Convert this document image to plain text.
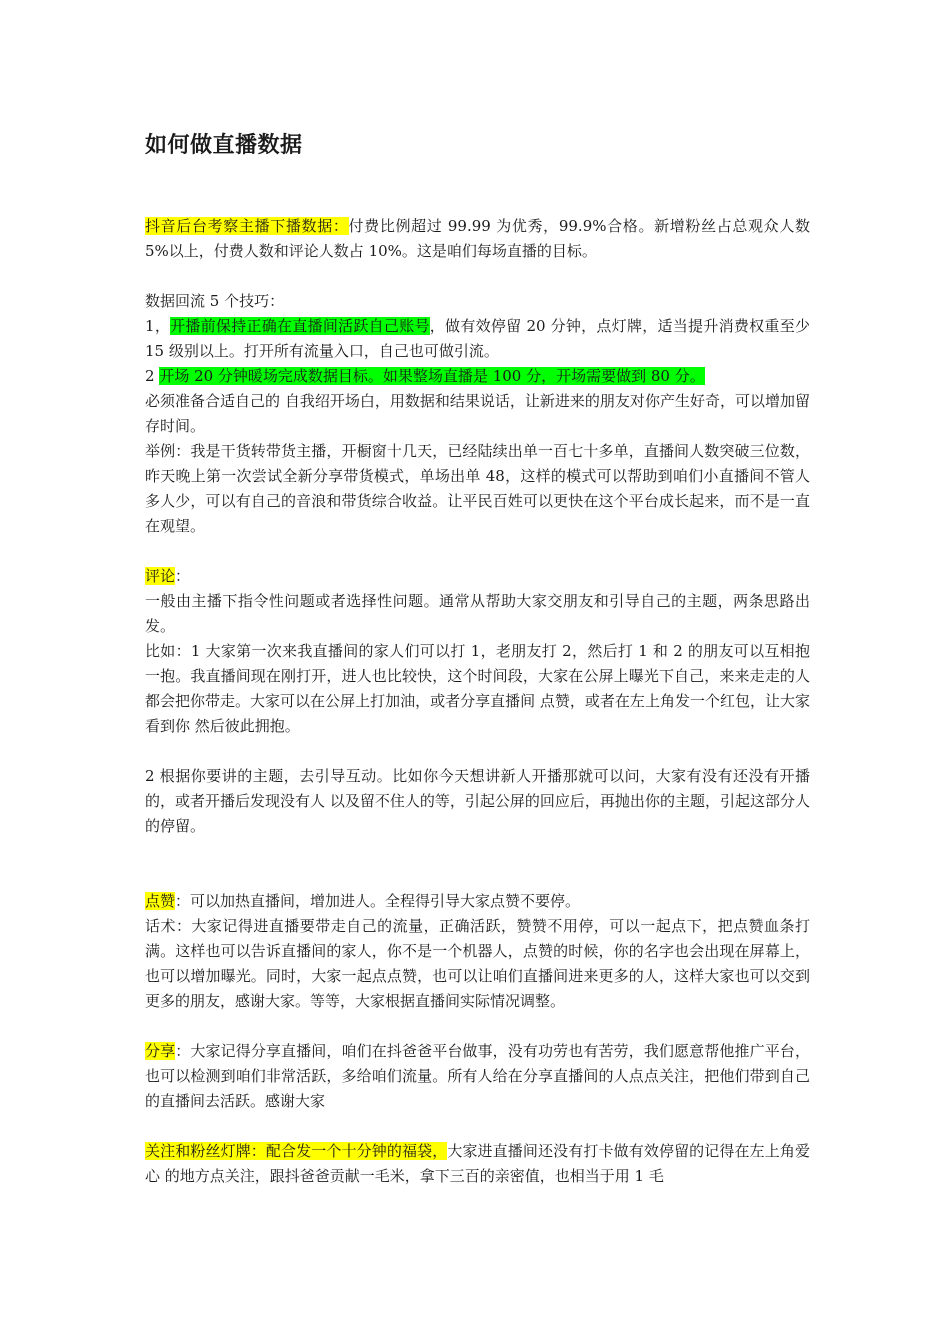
如何做直播数据

抖音后台考察主播下播数据：付费比例超过 99.99 为优秀，99.9%合格。新增粉丝占总观众人数 5%以上，付费人数和评论人数占 10%。这是咱们每场直播的目标。

数据回流 5 个技巧：

1，开播前保持正确在直播间活跃自己账号，做有效停留 20 分钟，点灯牌，适当提升消费权重至少 15 级别以上。打开所有流量入口，自己也可做引流。

2 开场 20 分钟暖场完成数据目标。如果整场直播是 100 分，开场需要做到 80 分。

必须准备合适自己的 自我绍开场白，用数据和结果说话，让新进来的朋友对你产生好奇，可以增加留存时间。

举例：我是干货转带货主播，开橱窗十几天，已经陆续出单一百七十多单，直播间人数突破三位数，昨天晚上第一次尝试全新分享带货模式，单场出单 48，这样的模式可以帮助到咱们小直播间不管人多人少，可以有自己的音浪和带货综合收益。让平民百姓可以更快在这个平台成长起来，而不是一直在观望。

评论：

一般由主播下指令性问题或者选择性问题。通常从帮助大家交朋友和引导自己的主题，两条思路出发。

比如：1 大家第一次来我直播间的家人们可以打 1，老朋友打 2，然后打 1 和 2 的朋友可以互相抱一抱。我直播间现在刚打开，进人也比较快，这个时间段，大家在公屏上曝光下自己，来来走走的人都会把你带走。大家可以在公屏上打加油，或者分享直播间 点赞，或者在左上角发一个红包，让大家看到你 然后彼此拥抱。

2 根据你要讲的主题，去引导互动。比如你今天想讲新人开播那就可以问，大家有没有还没有开播的，或者开播后发现没有人 以及留不住人的等，引起公屏的回应后，再抛出你的主题，引起这部分人的停留。

点赞：可以加热直播间，增加进人。全程得引导大家点赞不要停。

话术：大家记得进直播要带走自己的流量，正确活跃，赞赞不用停，可以一起点下，把点赞血条打满。这样也可以告诉直播间的家人，你不是一个机器人，点赞的时候，你的名字也会出现在屏幕上，也可以增加曝光。同时，大家一起点点赞，也可以让咱们直播间进来更多的人，这样大家也可以交到更多的朋友，感谢大家。等等，大家根据直播间实际情况调整。

分享：大家记得分享直播间，咱们在抖爸爸平台做事，没有功劳也有苦劳，我们愿意帮他推广平台，也可以检测到咱们非常活跃，多给咱们流量。所有人给在分享直播间的人点点关注，把他们带到自己的直播间去活跃。感谢大家

关注和粉丝灯牌：配合发一个十分钟的福袋，大家进直播间还没有打卡做有效停留的记得在左上角爱心 的地方点关注，跟抖爸爸贡献一毛米，拿下三百的亲密值，也相当于用 1 毛
